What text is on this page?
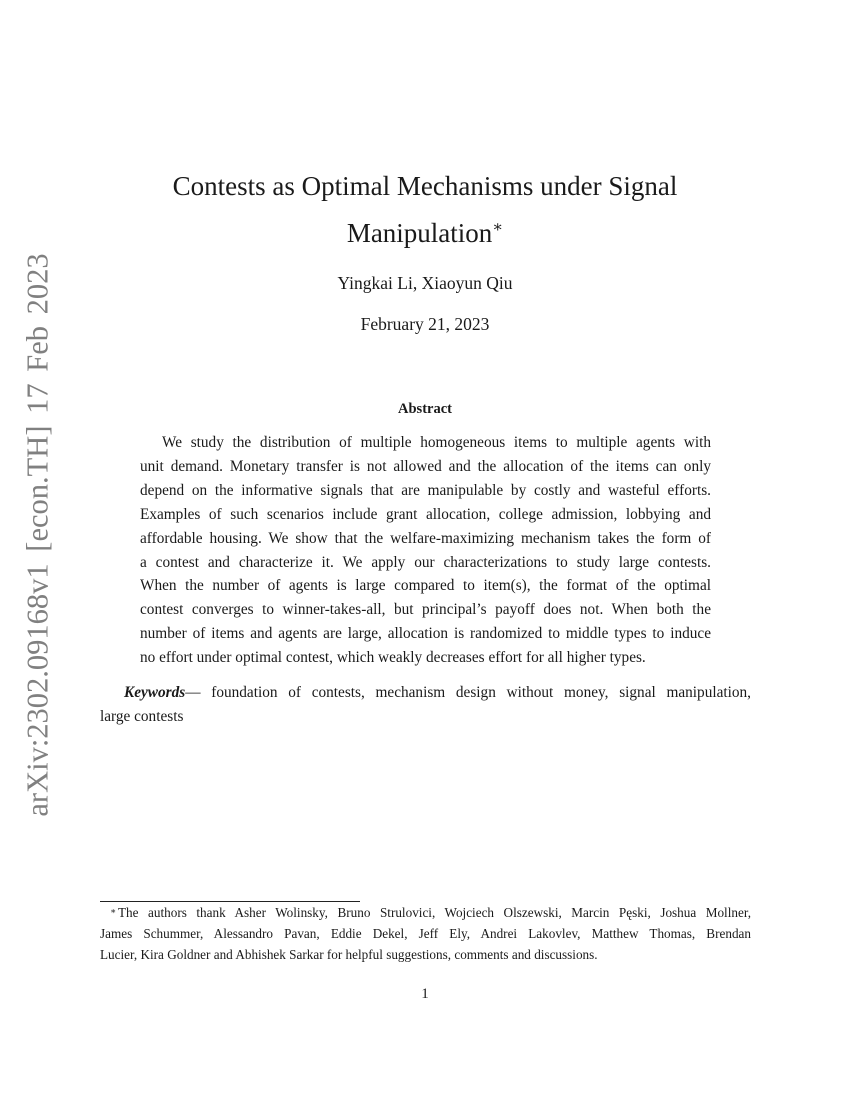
arXiv:2302.09168v1 [econ.TH] 17 Feb 2023
Contests as Optimal Mechanisms under Signal
Manipulation∗
Yingkai Li, Xiaoyun Qiu
February 21, 2023
Abstract
We study the distribution of multiple homogeneous items to multiple agents with
unit demand. Monetary transfer is not allowed and the allocation of the items can only
depend on the informative signals that are manipulable by costly and wasteful efforts.
Examples of such scenarios include grant allocation, college admission, lobbying and
affordable housing. We show that the welfare-maximizing mechanism takes the form of
a contest and characterize it. We apply our characterizations to study large contests.
When the number of agents is large compared to item(s), the format of the optimal
contest converges to winner-takes-all, but principal’s payoff does not. When both the
number of items and agents are large, allocation is randomized to middle types to induce
no effort under optimal contest, which weakly decreases effort for all higher types.
Keywords— foundation of contests, mechanism design without money, signal manipulation,
large contests
∗ The authors thank Asher Wolinsky, Bruno Strulovici, Wojciech Olszewski, Marcin Pęski, Joshua Mollner,
James Schummer, Alessandro Pavan, Eddie Dekel, Jeff Ely, Andrei Lakovlev, Matthew Thomas, Brendan
Lucier, Kira Goldner and Abhishek Sarkar for helpful suggestions, comments and discussions.
1
